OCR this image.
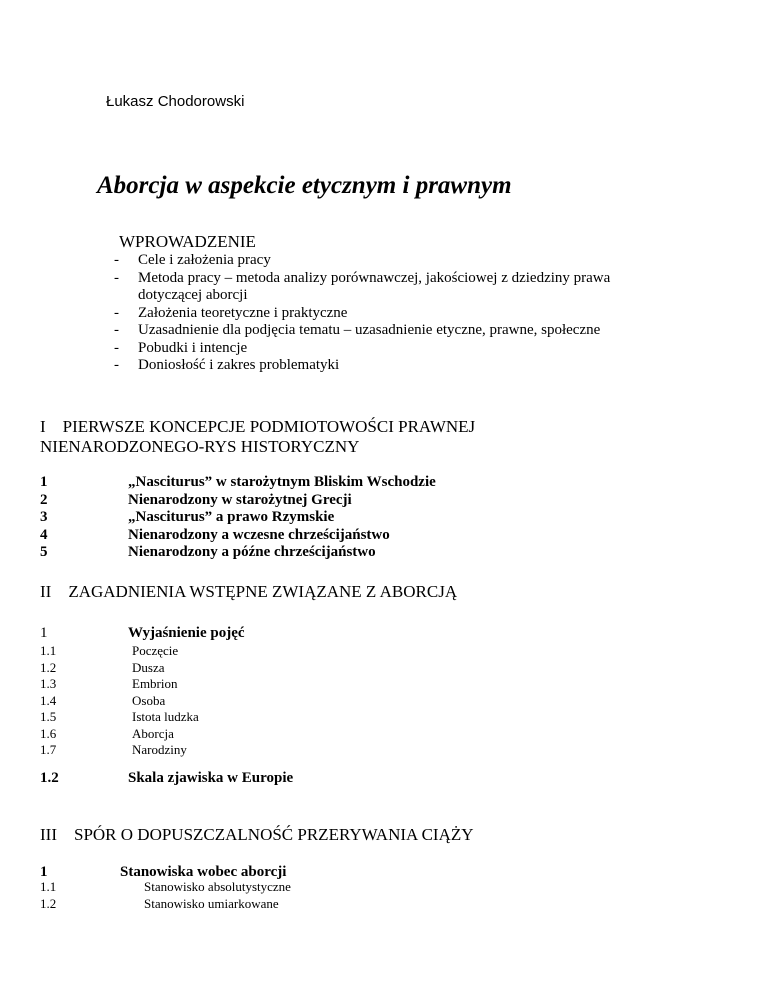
Łukasz Chodorowski
Aborcja w aspekcie etycznym i prawnym
WPROWADZENIE
- Cele i założenia pracy
- Metoda pracy – metoda analizy porównawczej, jakościowej z dziedziny prawa dotyczącej aborcji
- Założenia teoretyczne i praktyczne
- Uzasadnienie dla podjęcia tematu – uzasadnienie etyczne, prawne, społeczne
- Pobudki i intencje
- Doniosłość i zakres problematyki
I PIERWSZE KONCEPCJE PODMIOTOWOŚCI PRAWNEJ
NIENARODZONEGO-RYS HISTORYCZNY
1	„Nasciturus” w starożytnym Bliskim Wschodzie
2	Nienarodzony w starożytnej Grecji
3	„Nasciturus” a prawo Rzymskie
4	Nienarodzony a wczesne chrześcijaństwo
5	Nienarodzony a późne chrześcijaństwo
II ZAGADNIENIA WSTĘPNE ZWIĄZANE Z ABORCJĄ
1	Wyjaśnienie pojęć
1.1	Poczęcie
1.2	Dusza
1.3	Embrion
1.4	Osoba
1.5	Istota ludzka
1.6	Aborcja
1.7	Narodziny
1.2	Skala zjawiska w Europie
III SPÓR O DOPUSZCZALNOŚĆ PRZERYWANIA CIĄŻY
1	Stanowiska wobec aborcji
1.1	Stanowisko absolutystyczne
1.2	Stanowisko umiarkowane
